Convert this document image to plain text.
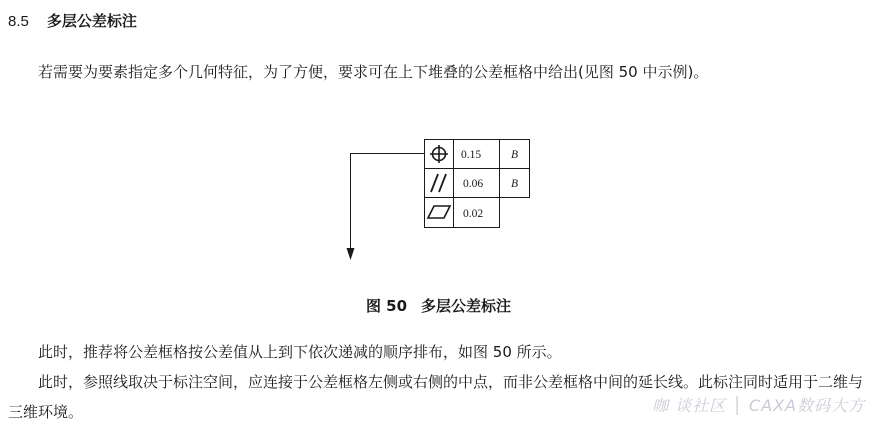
8.5 多层公差标注

若需要为要素指定多个几何特征，为了方便，要求可在上下堆叠的公差框格中给出(见图 50 中示例)。

0.15
0.06
0.02
B
B
图 50 多层公差标注

此时，推荐将公差框格按公差值从上到下依次递减的顺序排布，如图 50 所示。

此时，参照线取决于标注空间，应连接于公差框格左侧或右侧的中点，而非公差框格中间的延长线。此标注同时适用于二维与三维环境。	咖 谈社区 │ CAXA数码大方
